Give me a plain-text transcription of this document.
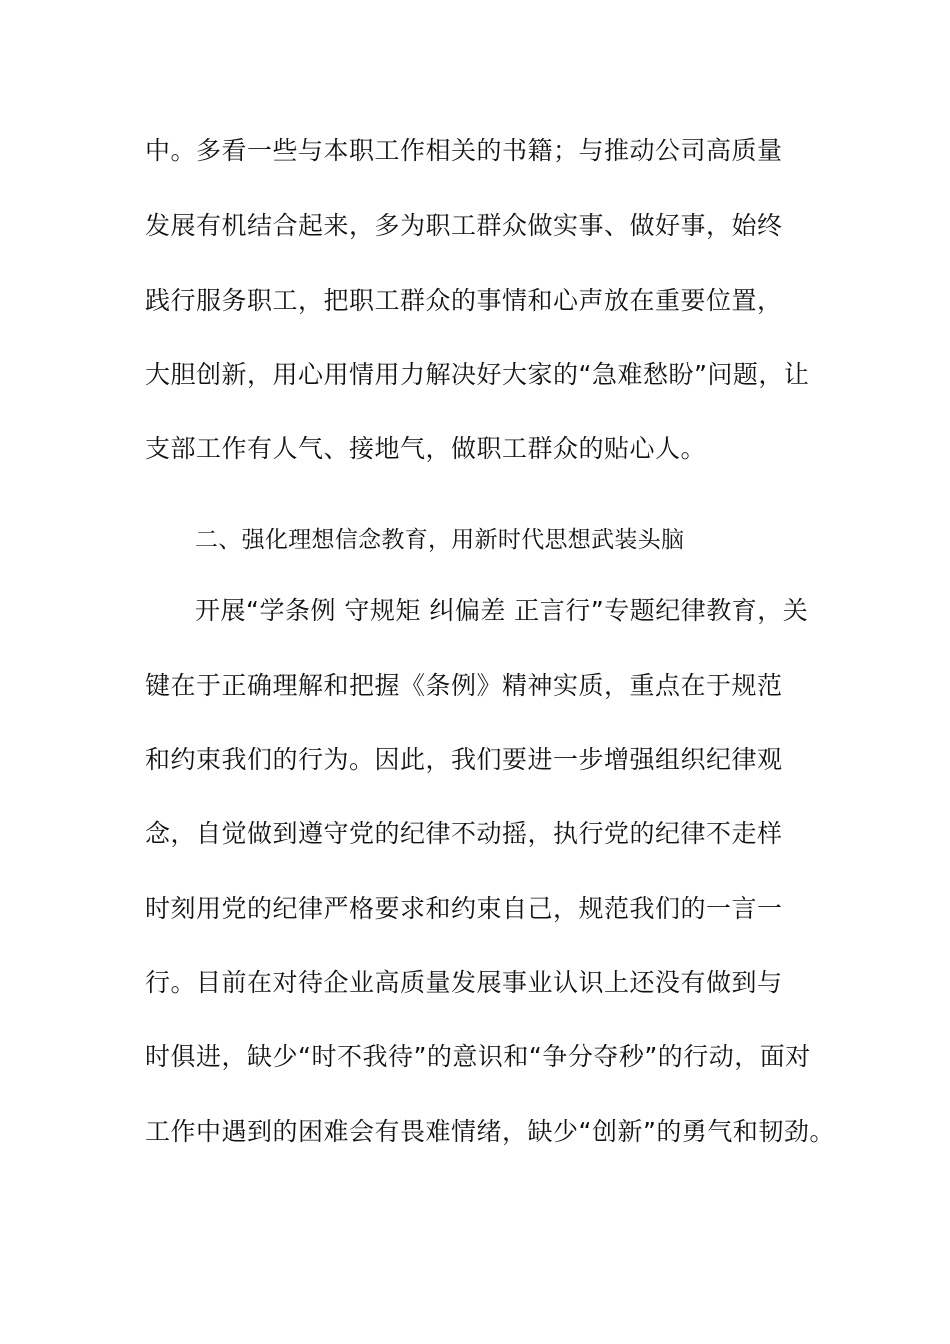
中。多看一些与本职工作相关的书籍；与推动公司高质量
发展有机结合起来，多为职工群众做实事、做好事，始终
践行服务职工，把职工群众的事情和心声放在重要位置，
大胆创新，用心用情用力解决好大家的“急难愁盼”问题，让
支部工作有人气、接地气，做职工群众的贴心人。
二、强化理想信念教育，用新时代思想武装头脑
开展“学条例 守规矩 纠偏差 正言行”专题纪律教育，关
键在于正确理解和把握《条例》精神实质，重点在于规范
和约束我们的行为。因此，我们要进一步增强组织纪律观
念，自觉做到遵守党的纪律不动摇，执行党的纪律不走样
时刻用党的纪律严格要求和约束自己，规范我们的一言一
行。目前在对待企业高质量发展事业认识上还没有做到与
时俱进，缺少“时不我待”的意识和“争分夺秒”的行动，面对
工作中遇到的困难会有畏难情绪，缺少“创新”的勇气和韧劲。
